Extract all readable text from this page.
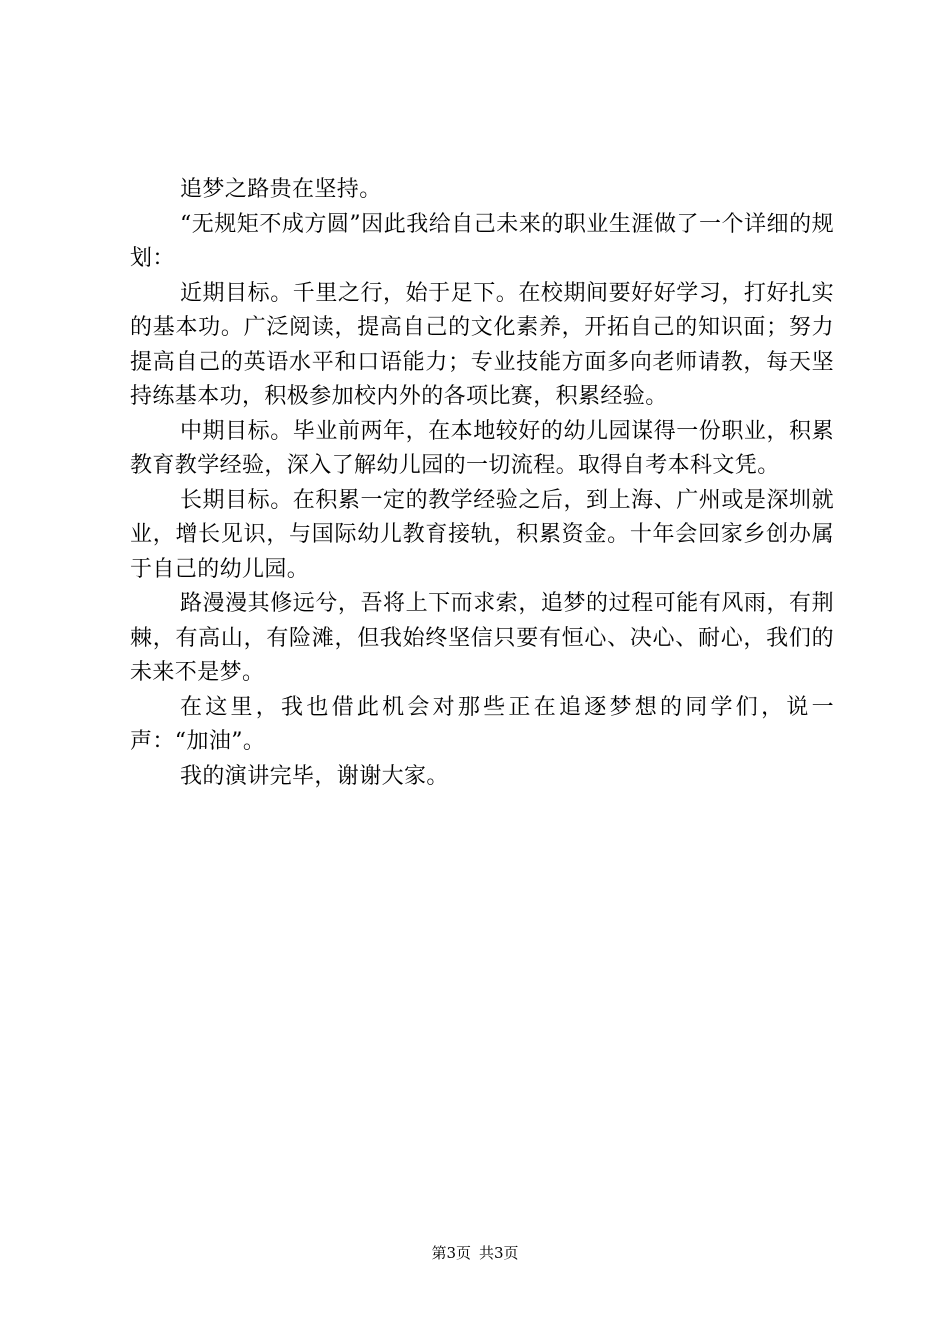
追梦之路贵在坚持。

“无规矩不成方圆”因此我给自己未来的职业生涯做了一个详细的规划：

近期目标。千里之行，始于足下。在校期间要好好学习，打好扎实的基本功。广泛阅读，提高自己的文化素养，开拓自己的知识面；努力提高自己的英语水平和口语能力；专业技能方面多向老师请教，每天坚持练基本功，积极参加校内外的各项比赛，积累经验。

中期目标。毕业前两年，在本地较好的幼儿园谋得一份职业，积累教育教学经验，深入了解幼儿园的一切流程。取得自考本科文凭。

长期目标。在积累一定的教学经验之后，到上海、广州或是深圳就业，增长见识，与国际幼儿教育接轨，积累资金。十年会回家乡创办属于自己的幼儿园。

路漫漫其修远兮，吾将上下而求索，追梦的过程可能有风雨，有荆棘，有高山，有险滩，但我始终坚信只要有恒心、决心、耐心，我们的未来不是梦。

在这里，我也借此机会对那些正在追逐梦想的同学们，说一声：“加油”。

我的演讲完毕，谢谢大家。

第3页 共3页
